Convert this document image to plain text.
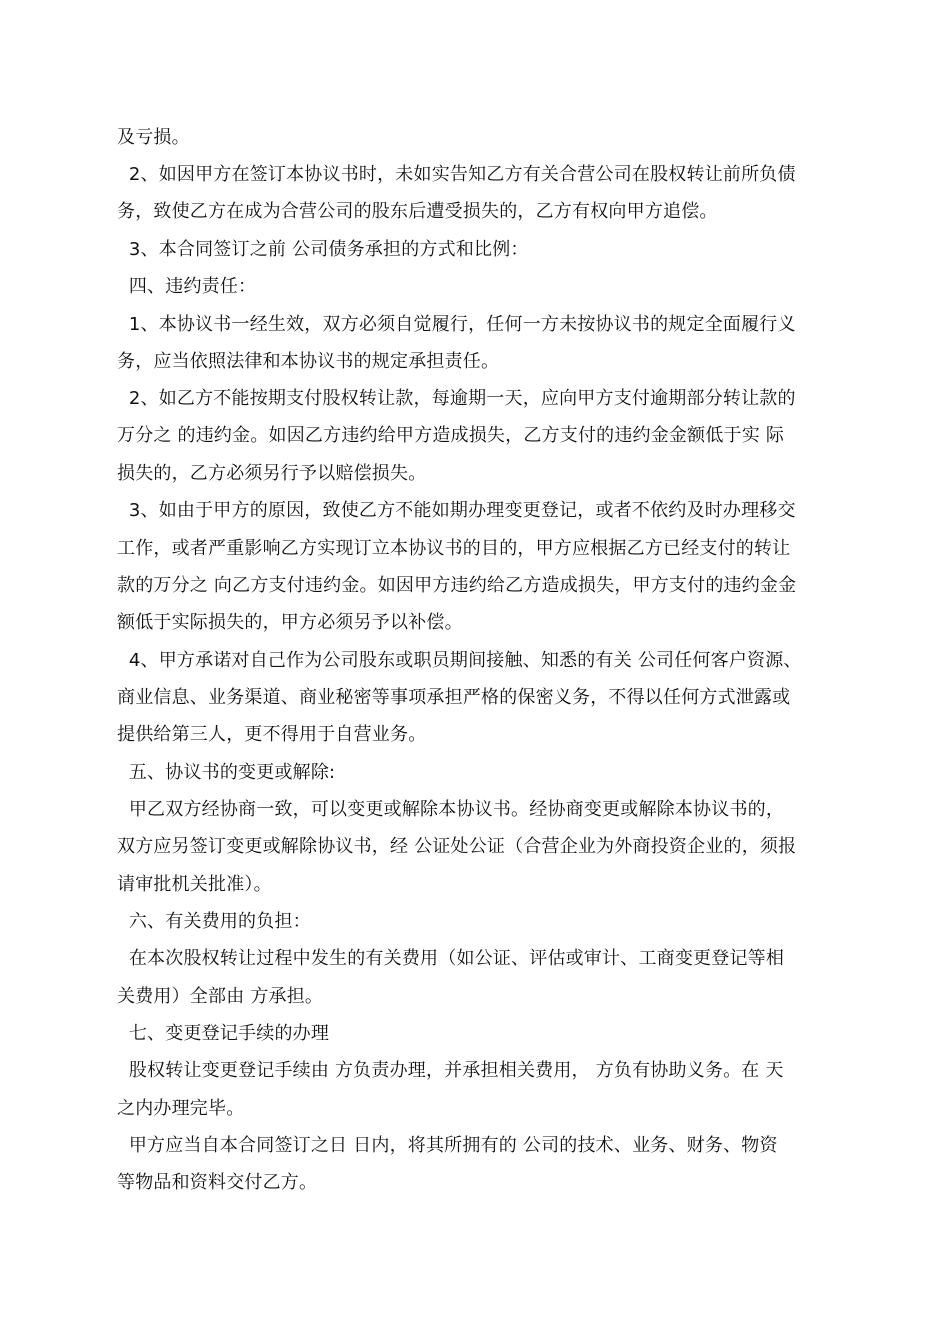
及亏损。
2、如因甲方在签订本协议书时，未如实告知乙方有关合营公司在股权转让前所负债
务，致使乙方在成为合营公司的股东后遭受损失的，乙方有权向甲方追偿。
3、本合同签订之前 公司债务承担的方式和比例：
四、违约责任：
1、本协议书一经生效，双方必须自觉履行，任何一方未按协议书的规定全面履行义
务，应当依照法律和本协议书的规定承担责任。
2、如乙方不能按期支付股权转让款，每逾期一天，应向甲方支付逾期部分转让款的
万分之 的违约金。如因乙方违约给甲方造成损失，乙方支付的违约金金额低于实 际
损失的，乙方必须另行予以赔偿损失。
3、如由于甲方的原因，致使乙方不能如期办理变更登记，或者不依约及时办理移交
工作，或者严重影响乙方实现订立本协议书的目的，甲方应根据乙方已经支付的转让
款的万分之 向乙方支付违约金。如因甲方违约给乙方造成损失，甲方支付的违约金金
额低于实际损失的，甲方必须另予以补偿。
4、甲方承诺对自己作为公司股东或职员期间接触、知悉的有关 公司任何客户资源、
商业信息、业务渠道、商业秘密等事项承担严格的保密义务，不得以任何方式泄露或
提供给第三人，更不得用于自营业务。
五、协议书的变更或解除:
甲乙双方经协商一致，可以变更或解除本协议书。经协商变更或解除本协议书的，
双方应另签订变更或解除协议书，经 公证处公证（合营企业为外商投资企业的，须报
请审批机关批准）。
六、有关费用的负担：
在本次股权转让过程中发生的有关费用（如公证、评估或审计、工商变更登记等相
关费用）全部由 方承担。
七、变更登记手续的办理
股权转让变更登记手续由 方负责办理，并承担相关费用， 方负有协助义务。在 天
之内办理完毕。
甲方应当自本合同签订之日 日内，将其所拥有的 公司的技术、业务、财务、物资
等物品和资料交付乙方。
